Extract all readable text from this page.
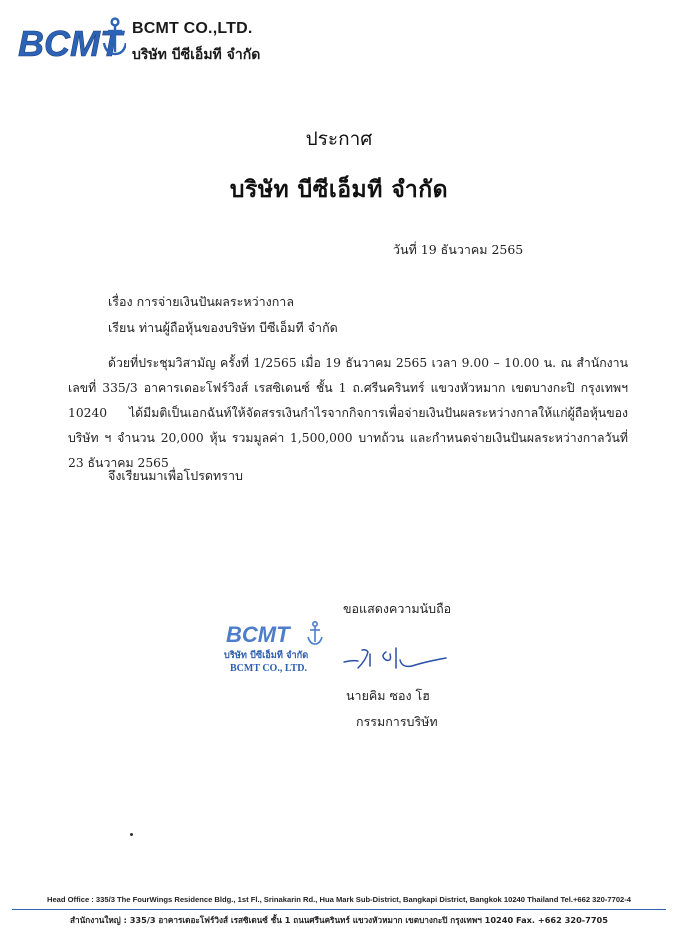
BCMT BCMT CO.,LTD.
บริษัท บีซีเอ็มที จำกัด
ประกาศ
บริษัท บีซีเอ็มที จำกัด
วันที่ 19 ธันวาคม 2565
เรื่อง การจ่ายเงินปันผลระหว่างกาล
เรียน ท่านผู้ถือหุ้นของบริษัท บีซีเอ็มที จำกัด

ด้วยที่ประชุมวิสามัญ ครั้งที่ 1/2565 เมื่อ 19 ธันวาคม 2565 เวลา 9.00 – 10.00 น. ณ สำนักงานเลขที่ 335/3 อาคารเดอะโฟร์วิงส์ เรสซิเดนซ์ ชั้น 1 ถ.ศรีนครินทร์ แขวงหัวหมาก เขตบางกะปิ กรุงเทพฯ 10240 ได้มีมติเป็นเอกฉันท์ให้จัดสรรเงินกำไรจากกิจการเพื่อจ่ายเงินปันผลระหว่างกาลให้แก่ผู้ถือหุ้นของบริษัท ฯ จำนวน 20,000 หุ้น รวมมูลค่า 1,500,000 บาทถ้วน และกำหนดจ่ายเงินปันผลระหว่างกาลวันที่ 23 ธันวาคม 2565

จึงเรียนมาเพื่อโปรดทราบ
ขอแสดงความนับถือ
BCMT
บริษัท บีซีเอ็มที จำกัด
BCMT CO., LTD.
นายคิม ซอง โฮ
กรรมการบริษัท
Head Office : 335/3 The FourWings Residence Bldg., 1st Fl., Srinakarin Rd., Hua Mark Sub-District, Bangkapi District, Bangkok 10240 Thailand Tel.+662 320-7702-4
สำนักงานใหญ่ : 335/3 อาคารเดอะโฟร์วิงส์ เรสซิเดนซ์ ชั้น 1 ถนนศรีนครินทร์ แขวงหัวหมาก เขตบางกะปิ กรุงเทพฯ 10240 Fax. +662 320-7705
